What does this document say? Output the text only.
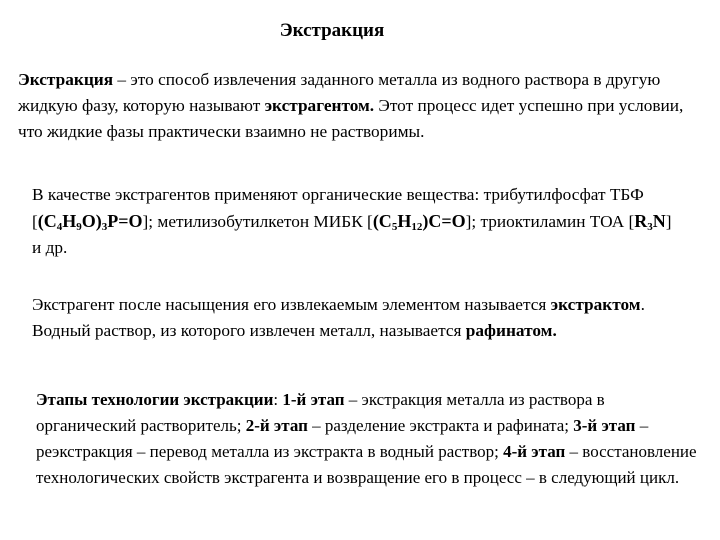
Экстракция
Экстракция – это способ извлечения заданного металла из водного раствора в другую жидкую фазу, которую называют экстрагентом. Этот процесс идет успешно при условии, что жидкие фазы практически взаимно не растворимы.
В качестве экстрагентов применяют органические вещества: трибутилфосфат ТБФ $[(C_4H_9O)_3P=O]$; метилизобутилкетон МИБК $[(C_5H_{12})C=O]$; триоктиламин ТОА $[R_3N]$ и др.
Экстрагент после насыщения его извлекаемым элементом называется экстрактом. Водный раствор, из которого извлечен металл, называется рафинатом.
Этапы технологии экстракции: 1-й этап – экстракция металла из раствора в органический растворитель; 2-й этап – разделение экстракта и рафината; 3-й этап – реэкстракция – перевод металла из экстракта в водный раствор; 4-й этап – восстановление технологических свойств экстрагента и возвращение его в процесс – в следующий цикл.
